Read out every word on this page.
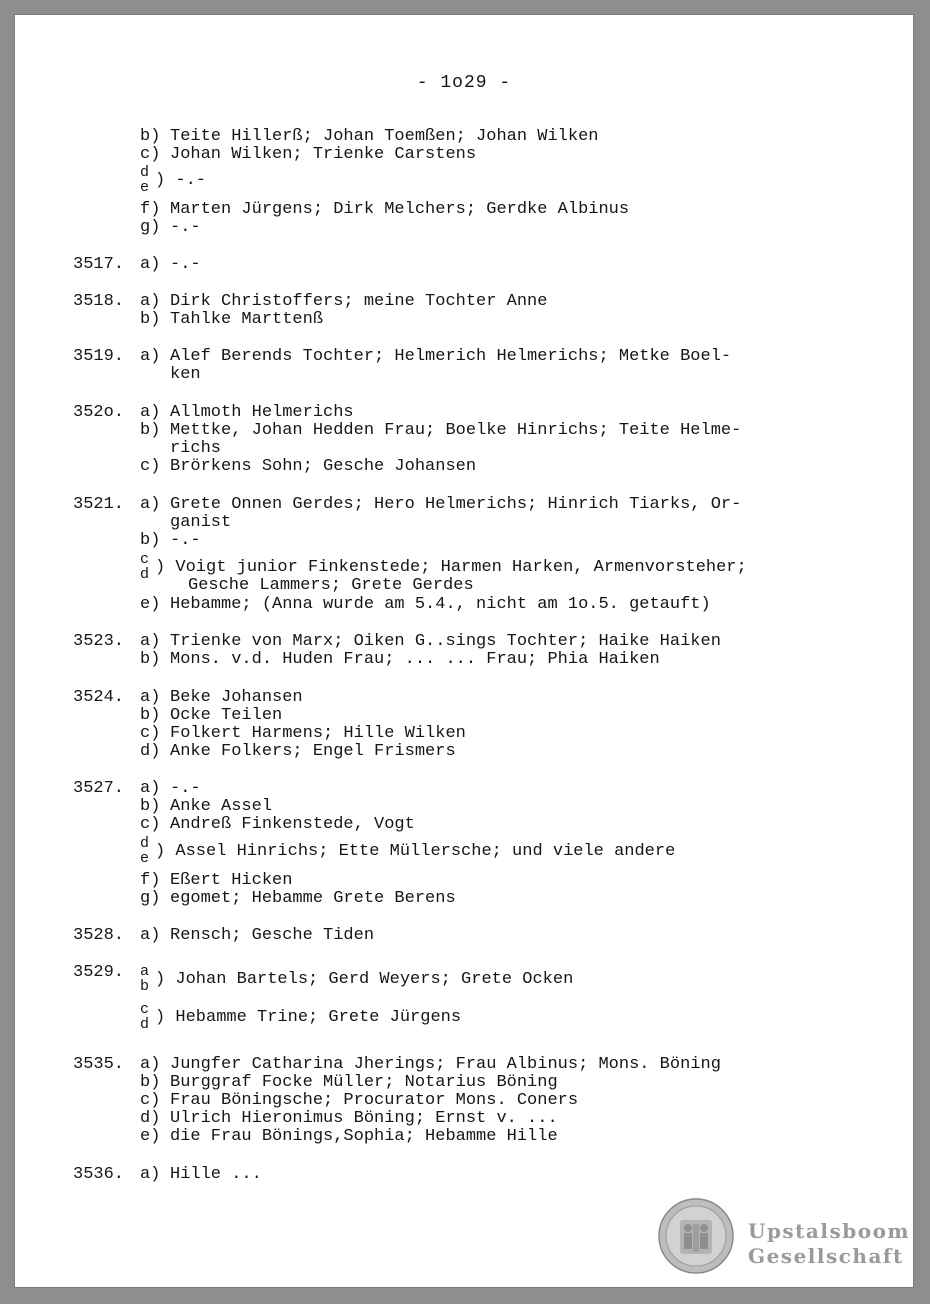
- 1o29 -
b) Teite Hillerß; Johan Toemßen; Johan Wilken
c) Johan Wilken; Trienke Carstens
d
e ) -.-
f) Marten Jürgens; Dirk Melchers; Gerdke Albinus
g) -.-
3517. a) -.-
3518. a) Dirk Christoffers; meine Tochter Anne
b) Tahlke Marttenß
3519. a) Alef Berends Tochter; Helmerich Helmerichs; Metke Boel-
ken
352o. a) Allmoth Helmerichs
b) Mettke, Johan Hedden Frau; Boelke Hinrichs; Teite Helme-
richs
c) Brörkens Sohn; Gesche Johansen
3521. a) Grete Onnen Gerdes; Hero Helmerichs; Hinrich Tiarks, Or-
ganist
b) -.-
c
d ) Voigt junior Finkenstede; Harmen Harken, Armenvorsteher;
Gesche Lammers; Grete Gerdes
e) Hebamme; (Anna wurde am 5.4., nicht am 1o.5. getauft)
3523. a) Trienke von Marx; Oiken G..sings Tochter; Haike Haiken
b) Mons. v.d. Huden Frau; ... ... Frau; Phia Haiken
3524. a) Beke Johansen
b) Ocke Teilen
c) Folkert Harmens; Hille Wilken
d) Anke Folkers; Engel Frismers
3527. a) -.-
b) Anke Assel
c) Andreß Finkenstede, Vogt
d
e ) Assel Hinrichs; Ette Müllersche; und viele andere
f) Eßert Hicken
g) egomet; Hebamme Grete Berens
3528. a) Rensch; Gesche Tiden
3529. a
b ) Johan Bartels; Gerd Weyers; Grete Ocken
c
d ) Hebamme Trine; Grete Jürgens
3535. a) Jungfer Catharina Jherings; Frau Albinus; Mons. Böning
b) Burggraf Focke Müller; Notarius Böning
c) Frau Böningsche; Procurator Mons. Coners
d) Ulrich Hieronimus Böning; Ernst v. ...
e) die Frau Bönings,Sophia; Hebamme Hille
3536. a) Hille ...
Upstalsboom
Gesellschaft
